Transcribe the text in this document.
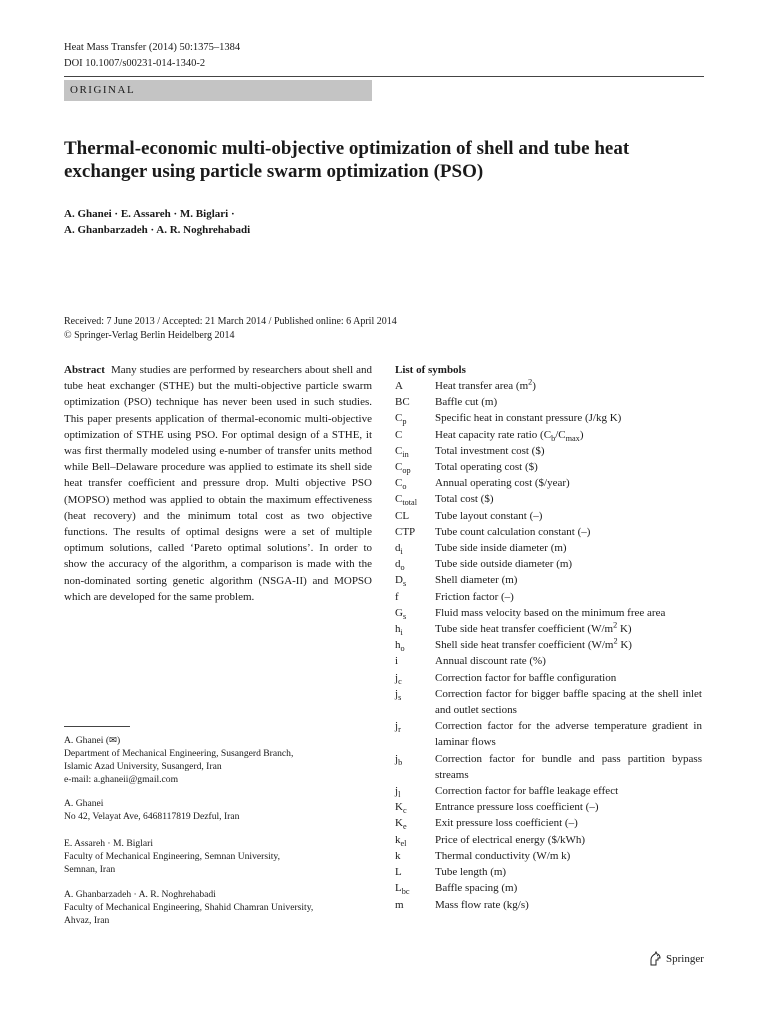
Heat Mass Transfer (2014) 50:1375–1384
DOI 10.1007/s00231-014-1340-2
ORIGINAL
Thermal-economic multi-objective optimization of shell and tube heat exchanger using particle swarm optimization (PSO)
A. Ghanei · E. Assareh · M. Biglari ·
A. Ghanbarzadeh · A. R. Noghrehabadi
Received: 7 June 2013 / Accepted: 21 March 2014 / Published online: 6 April 2014
© Springer-Verlag Berlin Heidelberg 2014

Abstract Many studies are performed by researchers about shell and tube heat exchanger (STHE) but the multi-objective particle swarm optimization (PSO) technique has never been used in such studies. This paper presents application of thermal-economic multi-objective optimization of STHE using PSO. For optimal design of a STHE, it was first thermally modeled using e-number of transfer units method while Bell–Delaware procedure was applied to estimate its shell side heat transfer coefficient and pressure drop. Multi objective PSO (MOPSO) method was applied to obtain the maximum effectiveness (heat recovery) and the minimum total cost as two objective functions. The results of optimal designs were a set of multiple optimum solutions, called ‘Pareto optimal solutions’. In order to show the accuracy of the algorithm, a comparison is made with the non-dominated sorting genetic algorithm (NSGA-II) and MOPSO which are developed for the same problem.

A. Ghanei (✉)
Department of Mechanical Engineering, Susangerd Branch,
Islamic Azad University, Susangerd, Iran
e-mail: a.ghaneii@gmail.com
A. Ghanei
No 42, Velayat Ave, 6468117819 Dezful, Iran
E. Assareh · M. Biglari
Faculty of Mechanical Engineering, Semnan University,
Semnan, Iran
A. Ghanbarzadeh · A. R. Noghrehabadi
Faculty of Mechanical Engineering, Shahid Chamran University,
Ahvaz, Iran
List of symbols
A	Heat transfer area $(m^2)$
BC	Baffle cut (m)
$C_p$	Specific heat in constant pressure (J/kg K)
C	Heat capacity rate ratio $(C_b/C_{max})$
$C_{in}$	Total investment cost ($)
$C_{op}$	Total operating cost ($)
$C_o$	Annual operating cost ($/year)
$C_{total}$	Total cost ($)
CL	Tube layout constant (–)
CTP	Tube count calculation constant (–)
$d_i$	Tube side inside diameter (m)
$d_o$	Tube side outside diameter (m)
$D_s$	Shell diameter (m)
f	Friction factor (–)
$G_s$	Fluid mass velocity based on the minimum free area
$h_i$	Tube side heat transfer coefficient ($W/m^2$ K)
$h_o$	Shell side heat transfer coefficient ($W/m^2$ K)
i	Annual discount rate (%)
$j_c$	Correction factor for baffle configuration
$j_s$	Correction factor for bigger baffle spacing at the shell inlet and outlet sections
$j_r$	Correction factor for the adverse temperature gradient in laminar flows
$j_b$	Correction factor for bundle and pass partition bypass streams
$j_l$	Correction factor for baffle leakage effect
$K_c$	Entrance pressure loss coefficient (–)
$K_e$	Exit pressure loss coefficient (–)
$k_{el}$	Price of electrical energy ($/kWh)
k	Thermal conductivity (W/m k)
L	Tube length (m)
$L_{bc}$	Baffle spacing (m)
m	Mass flow rate (kg/s)
Springer
